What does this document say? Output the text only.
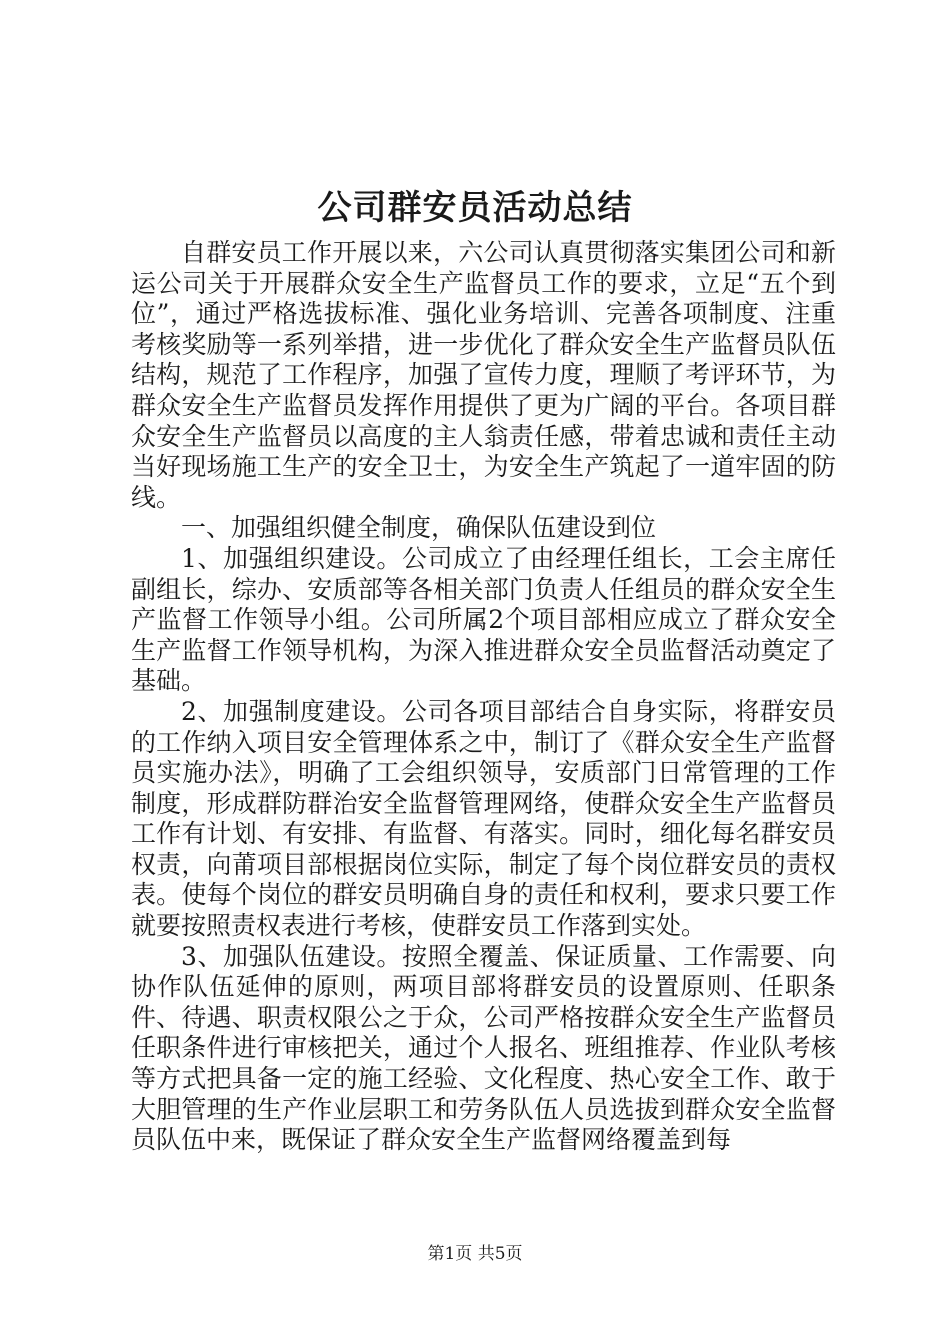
公司群安员活动总结

自群安员工作开展以来，六公司认真贯彻落实集团公司和新运公司关于开展群众安全生产监督员工作的要求，立足“五个到位”，通过严格选拔标准、强化业务培训、完善各项制度、注重考核奖励等一系列举措，进一步优化了群众安全生产监督员队伍结构，规范了工作程序，加强了宣传力度，理顺了考评环节，为群众安全生产监督员发挥作用提供了更为广阔的平台。各项目群众安全生产监督员以高度的主人翁责任感，带着忠诚和责任主动当好现场施工生产的安全卫士，为安全生产筑起了一道牢固的防线。

一、加强组织健全制度，确保队伍建设到位

1、加强组织建设。公司成立了由经理任组长，工会主席任副组长，综办、安质部等各相关部门负责人任组员的群众安全生产监督工作领导小组。公司所属2个项目部相应成立了群众安全生产监督工作领导机构，为深入推进群众安全员监督活动奠定了基础。

2、加强制度建设。公司各项目部结合自身实际，将群安员的工作纳入项目安全管理体系之中，制订了《群众安全生产监督员实施办法》，明确了工会组织领导，安质部门日常管理的工作制度，形成群防群治安全监督管理网络，使群众安全生产监督员工作有计划、有安排、有监督、有落实。同时，细化每名群安员权责，向莆项目部根据岗位实际，制定了每个岗位群安员的责权表。使每个岗位的群安员明确自身的责任和权利，要求只要工作就要按照责权表进行考核，使群安员工作落到实处。

3、加强队伍建设。按照全覆盖、保证质量、工作需要、向协作队伍延伸的原则，两项目部将群安员的设置原则、任职条件、待遇、职责权限公之于众，公司严格按群众安全生产监督员任职条件进行审核把关，通过个人报名、班组推荐、作业队考核等方式把具备一定的施工经验、文化程度、热心安全工作、敢于大胆管理的生产作业层职工和劳务队伍人员选拔到群众安全监督员队伍中来，既保证了群众安全生产监督网络覆盖到每

第1页 共5页
